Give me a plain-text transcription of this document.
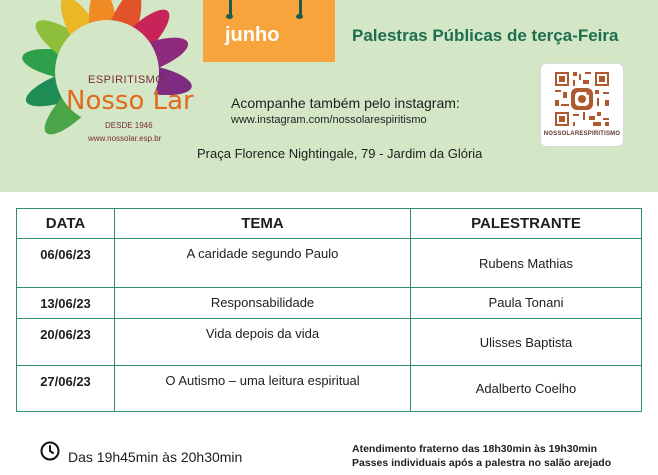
ESPIRITISMO
Nosso Lar
DESDE 1946
www.nossolar.esp.br
junho	Palestras Públicas de terça-Feira
Acompanhe também pelo instagram:
www.instagram.com/nossolarespiritismo
Praça Florence Nightingale, 79 - Jardim da Glória
NOSSOLARESPIRITISMO
DATA	TEMA	PALESTRANTE
06/06/23	A caridade segundo Paulo	Rubens Mathias
13/06/23	Responsabilidade	Paula Tonani
20/06/23	Vida depois da vida	Ulisses Baptista
27/06/23	O Autismo – uma leitura espiritual	Adalberto Coelho
Das 19h45min às 20h30min	Atendimento fraterno das 18h30min às 19h30min
Passes individuais após a palestra no salão arejado
